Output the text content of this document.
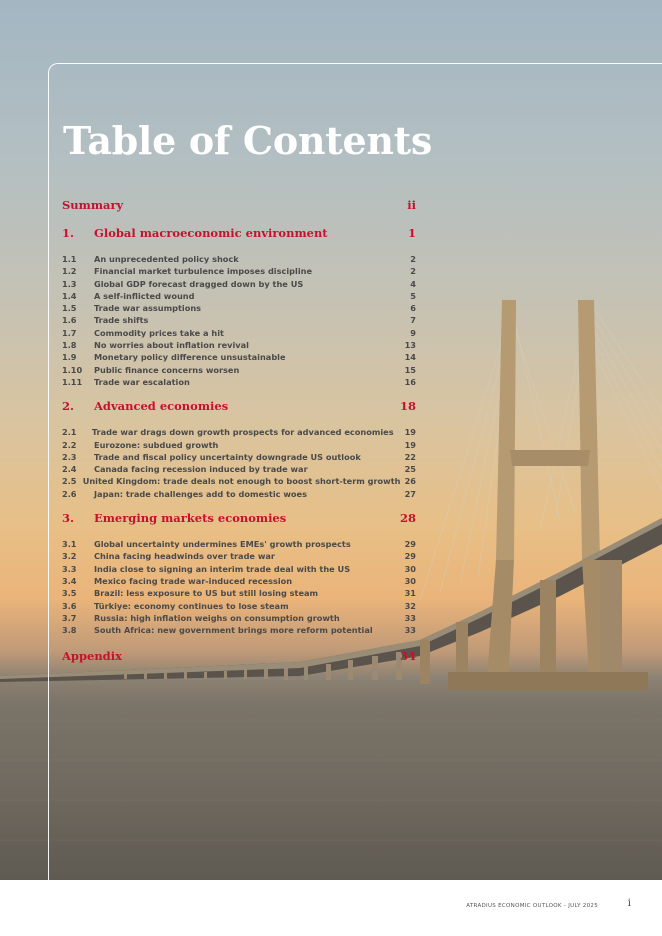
Table of Contents
Summary	ii
1.	Global macroeconomic environment	1
1.1	An unprecedented policy shock	2
1.2	Financial market turbulence imposes discipline	2
1.3	Global GDP forecast dragged down by the US	4
1.4	A self-inflicted wound	5
1.5	Trade war assumptions	6
1.6	Trade shifts	7
1.7	Commodity prices take a hit	9
1.8	No worries about inflation revival	13
1.9	Monetary policy difference unsustainable	14
1.10	Public finance concerns worsen	15
1.11	Trade war escalation	16
2.	Advanced economies	18
2.1	Trade war drags down growth prospects for advanced economies	19
2.2	Eurozone: subdued growth	19
2.3	Trade and fiscal policy uncertainty downgrade US outlook	22
2.4	Canada facing recession induced by trade war	25
2.5 United Kingdom: trade deals not enough to boost short-term growth 26
2.6	Japan: trade challenges add to domestic woes	27
3.	Emerging markets economies	28
3.1	Global uncertainty undermines EMEs' growth prospects	29
3.2	China facing headwinds over trade war	29
3.3	India close to signing an interim trade deal with the US	30
3.4	Mexico facing trade war-induced recession	30
3.5	Brazil: less exposure to US but still losing steam	31
3.6	Türkiye: economy continues to lose steam	32
3.7	Russia: high inflation weighs on consumption growth	33
3.8	South Africa: new government brings more reform potential	33
Appendix	34
ATRADIUS ECONOMIC OUTLOOK - JULY 2025	i
